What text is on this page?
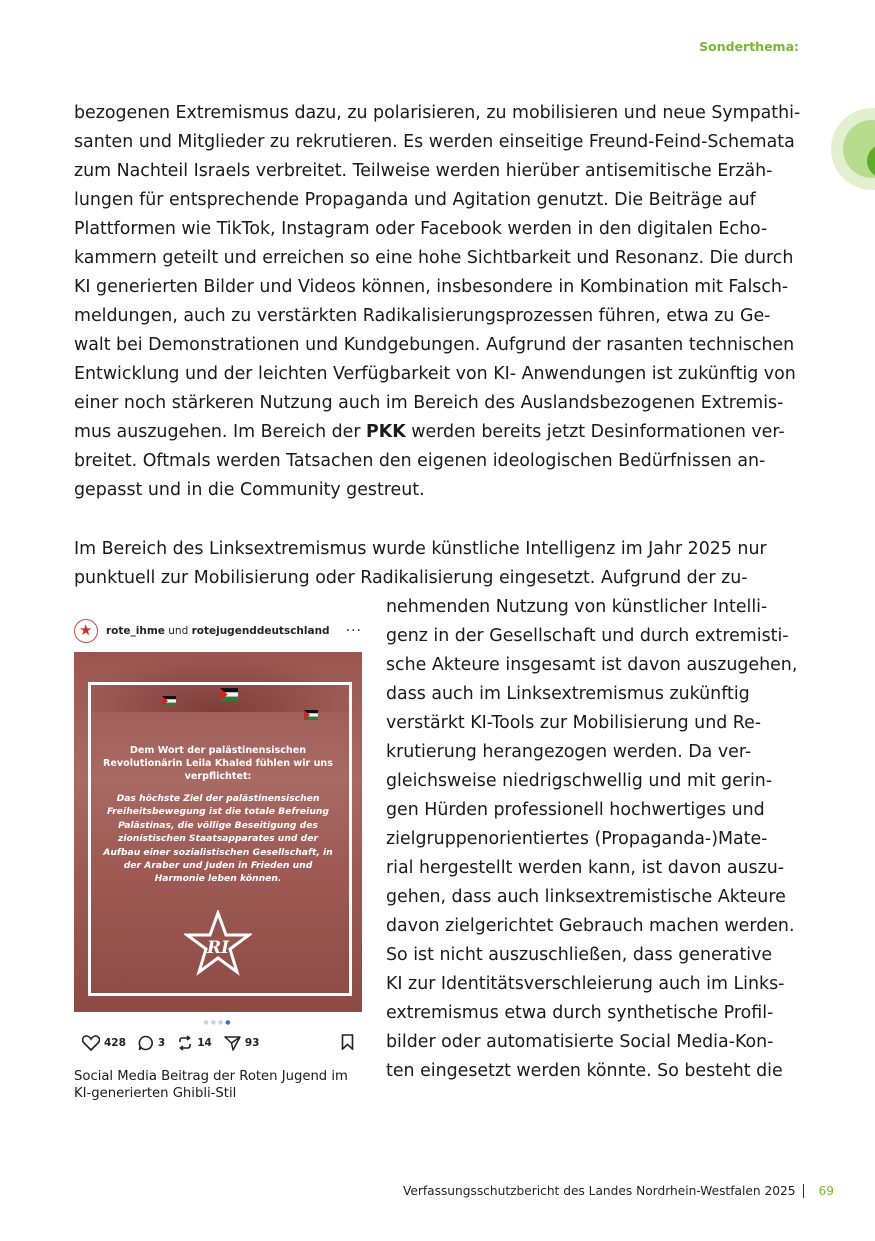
Sonderthema:
bezogenen Extremismus dazu, zu polarisieren, zu mobilisieren und neue Sympathi-
santen und Mitglieder zu rekrutieren. Es werden einseitige Freund-Feind-Schemata
zum Nachteil Israels verbreitet. Teilweise werden hierüber antisemitische Erzäh-
lungen für entsprechende Propaganda und Agitation genutzt. Die Beiträge auf
Plattformen wie TikTok, Instagram oder Facebook werden in den digitalen Echo-
kammern geteilt und erreichen so eine hohe Sichtbarkeit und Resonanz. Die durch
KI generierten Bilder und Videos können, insbesondere in Kombination mit Falsch-
meldungen, auch zu verstärkten Radikalisierungsprozessen führen, etwa zu Ge-
walt bei Demonstrationen und Kundgebungen. Aufgrund der rasanten technischen
Entwicklung und der leichten Verfügbarkeit von KI- Anwendungen ist zukünftig von
einer noch stärkeren Nutzung auch im Bereich des Auslandsbezogenen Extremis-
mus auszugehen. Im Bereich der PKK werden bereits jetzt Desinformationen ver-
breitet. Oftmals werden Tatsachen den eigenen ideologischen Bedürfnissen an-
gepasst und in die Community gestreut.
Im Bereich des Linksextremismus wurde künstliche Intelligenz im Jahr 2025 nur
punktuell zur Mobilisierung oder Radikalisierung eingesetzt. Aufgrund der zu-
nehmenden Nutzung von künstlicher Intelli-
genz in der Gesellschaft und durch extremisti-
sche Akteure insgesamt ist davon auszugehen,
dass auch im Linksextremismus zukünftig
verstärkt KI-Tools zur Mobilisierung und Re-
krutierung herangezogen werden. Da ver-
gleichsweise niedrigschwellig und mit gerin-
gen Hürden professionell hochwertiges und
zielgruppenorientiertes (Propaganda-)Mate-
rial hergestellt werden kann, ist davon auszu-
gehen, dass auch linksextremistische Akteure
davon zielgerichtet Gebrauch machen werden.
So ist nicht auszuschließen, dass generative
KI zur Identitätsverschleierung auch im Links-
extremismus etwa durch synthetische Profil-
bilder oder automatisierte Social Media-Kon-
ten eingesetzt werden könnte. So besteht die
★ rote_ihme und rotejugenddeutschland ···
Dem Wort der palästinensischen
Revolutionärin Leila Khaled fühlen wir uns
verpflichtet:
Das höchste Ziel der palästinensischen
Freiheitsbewegung ist die totale Befreiung
Palästinas, die völlige Beseitigung des
zionistischen Staatsapparates und der
Aufbau einer sozialistischen Gesellschaft, in
der Araber und Juden in Frieden und
Harmonie leben können.
RI
●●●●
428	3	14	93
Social Media Beitrag der Roten Jugend im
KI-generierten Ghibli-Stil
Verfassungsschutzbericht des Landes Nordrhein-Westfalen 2025 69
